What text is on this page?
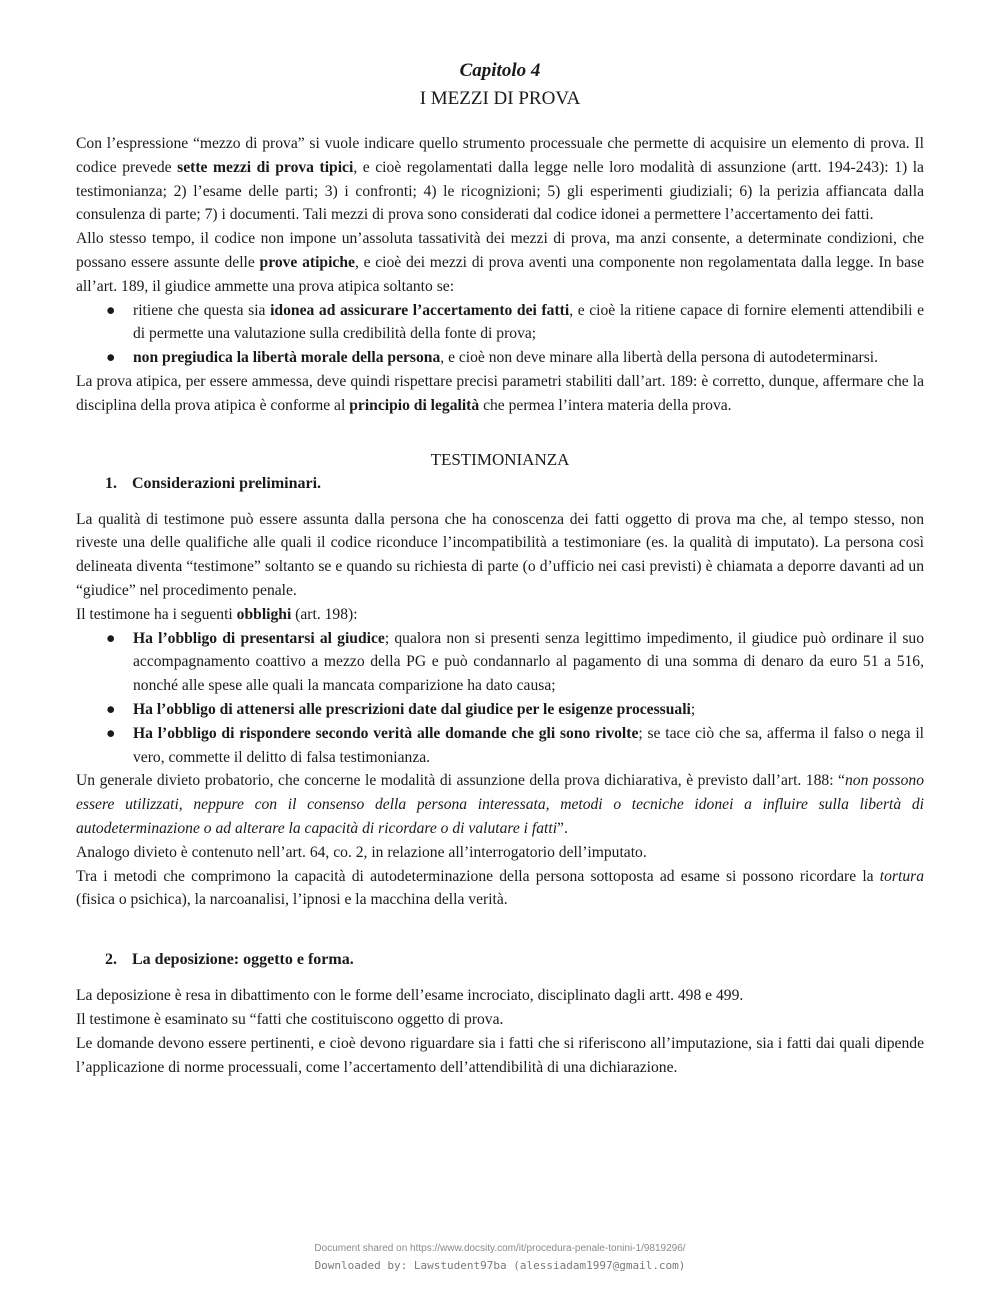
Capitolo 4
I MEZZI DI PROVA

Con l’espressione “mezzo di prova” si vuole indicare quello strumento processuale che permette di acquisire un elemento di prova. Il codice prevede sette mezzi di prova tipici, e cioè regolamentati dalla legge nelle loro modalità di assunzione (artt. 194-243): 1) la testimonianza; 2) l’esame delle parti; 3) i confronti; 4) le ricognizioni; 5) gli esperimenti giudiziali; 6) la perizia affiancata dalla consulenza di parte; 7) i documenti. Tali mezzi di prova sono considerati dal codice idonei a permettere l’accertamento dei fatti.

Allo stesso tempo, il codice non impone un’assoluta tassatività dei mezzi di prova, ma anzi consente, a determinate condizioni, che possano essere assunte delle prove atipiche, e cioè dei mezzi di prova aventi una componente non regolamentata dalla legge. In base all’art. 189, il giudice ammette una prova atipica soltanto se:

● ritiene che questa sia idonea ad assicurare l’accertamento dei fatti, e cioè la ritiene capace di fornire elementi attendibili e di permette una valutazione sulla credibilità della fonte di prova;
● non pregiudica la libertà morale della persona, e cioè non deve minare alla libertà della persona di autodeterminarsi.

La prova atipica, per essere ammessa, deve quindi rispettare precisi parametri stabiliti dall’art. 189: è corretto, dunque, affermare che la disciplina della prova atipica è conforme al principio di legalità che permea l’intera materia della prova.

TESTIMONIANZA
1. Considerazioni preliminari.

La qualità di testimone può essere assunta dalla persona che ha conoscenza dei fatti oggetto di prova ma che, al tempo stesso, non riveste una delle qualifiche alle quali il codice riconduce l’incompatibilità a testimoniare (es. la qualità di imputato). La persona così delineata diventa “testimone” soltanto se e quando su richiesta di parte (o d’ufficio nei casi previsti) è chiamata a deporre davanti ad un “giudice” nel procedimento penale.

Il testimone ha i seguenti obblighi (art. 198):

● Ha l’obbligo di presentarsi al giudice; qualora non si presenti senza legittimo impedimento, il giudice può ordinare il suo accompagnamento coattivo a mezzo della PG e può condannarlo al pagamento di una somma di denaro da euro 51 a 516, nonché alle spese alle quali la mancata comparizione ha dato causa;
● Ha l’obbligo di attenersi alle prescrizioni date dal giudice per le esigenze processuali;
● Ha l’obbligo di rispondere secondo verità alle domande che gli sono rivolte; se tace ciò che sa, afferma il falso o nega il vero, commette il delitto di falsa testimonianza.

Un generale divieto probatorio, che concerne le modalità di assunzione della prova dichiarativa, è previsto dall’art. 188: “non possono essere utilizzati, neppure con il consenso della persona interessata, metodi o tecniche idonei a influire sulla libertà di autodeterminazione o ad alterare la capacità di ricordare o di valutare i fatti”.

Analogo divieto è contenuto nell’art. 64, co. 2, in relazione all’interrogatorio dell’imputato.

Tra i metodi che comprimono la capacità di autodeterminazione della persona sottoposta ad esame si possono ricordare la tortura (fisica o psichica), la narcoanalisi, l’ipnosi e la macchina della verità.

2. La deposizione: oggetto e forma.

La deposizione è resa in dibattimento con le forme dell’esame incrociato, disciplinato dagli artt. 498 e 499.

Il testimone è esaminato su “fatti che costituiscono oggetto di prova.

Le domande devono essere pertinenti, e cioè devono riguardare sia i fatti che si riferiscono all’imputazione, sia i fatti dai quali dipende l’applicazione di norme processuali, come l’accertamento dell’attendibilità di una dichiarazione.

Document shared on https://www.docsity.com/it/procedura-penale-tonini-1/9819296/
Downloaded by: Lawstudent97ba (alessiadam1997@gmail.com)
